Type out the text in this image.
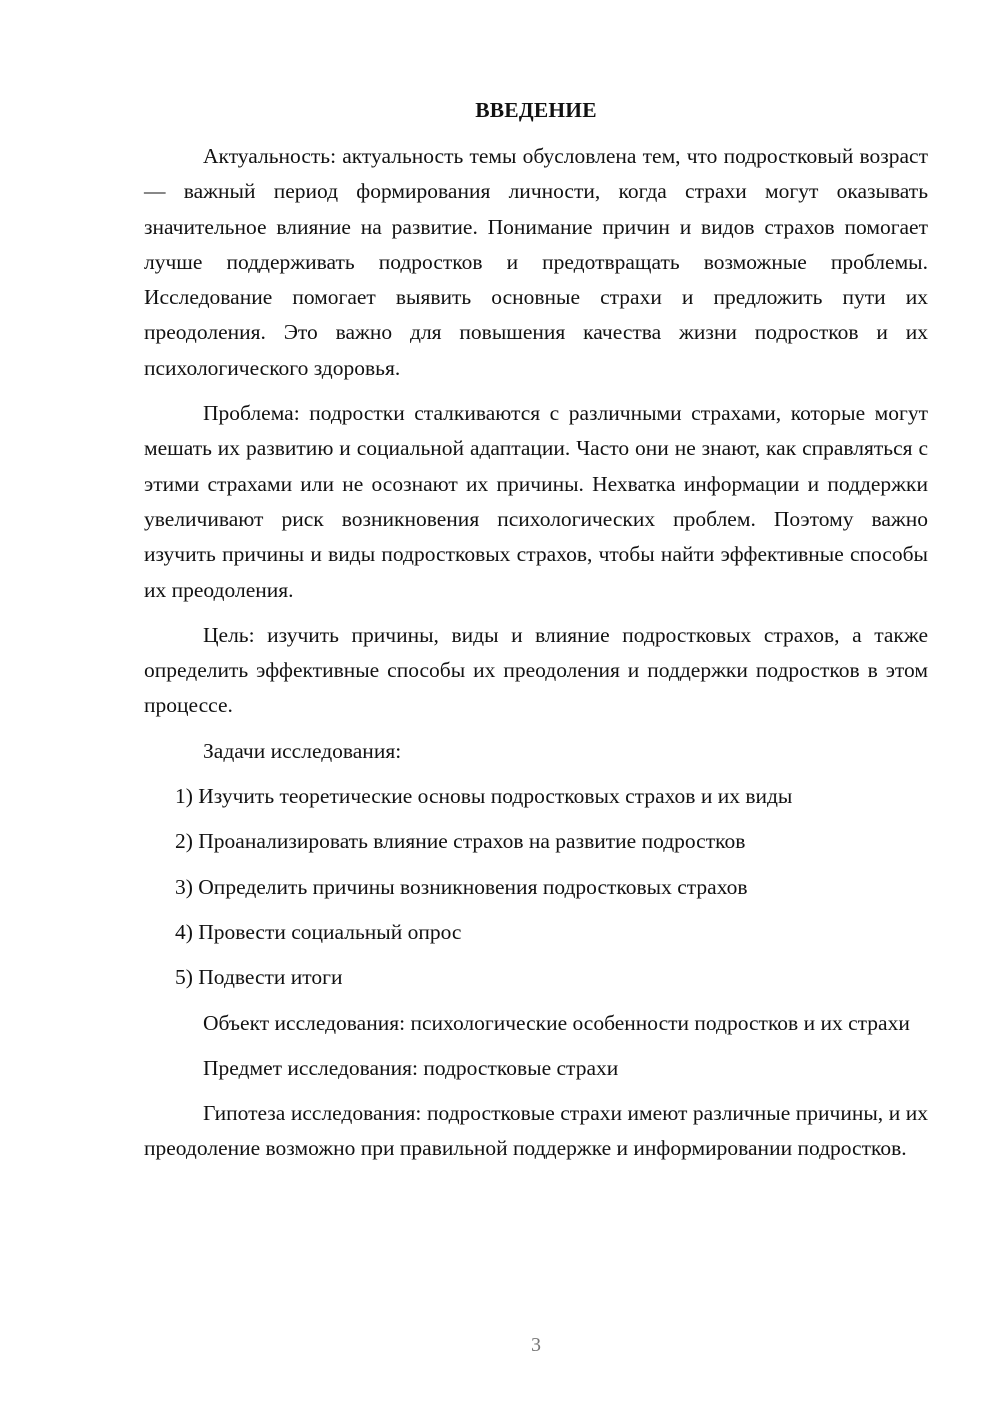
ВВЕДЕНИЕ

Актуальность: актуальность темы обусловлена тем, что подростковый возраст — важный период формирования личности, когда страхи могут оказывать значительное влияние на развитие. Понимание причин и видов страхов помогает лучше поддерживать подростков и предотвращать возможные проблемы. Исследование помогает выявить основные страхи и предложить пути их преодоления. Это важно для повышения качества жизни подростков и их психологического здоровья.

Проблема: подростки сталкиваются с различными страхами, которые могут мешать их развитию и социальной адаптации. Часто они не знают, как справляться с этими страхами или не осознают их причины. Нехватка информации и поддержки увеличивают риск возникновения психологических проблем. Поэтому важно изучить причины и виды подростковых страхов, чтобы найти эффективные способы их преодоления.

Цель: изучить причины, виды и влияние подростковых страхов, а также определить эффективные способы их преодоления и поддержки подростков в этом процессе.

Задачи исследования:

1) Изучить теоретические основы подростковых страхов и их виды
2) Проанализировать влияние страхов на развитие подростков
3) Определить причины возникновения подростковых страхов
4) Провести социальный опрос
5) Подвести итоги

Объект исследования: психологические особенности подростков и их страхи

Предмет исследования: подростковые страхи

Гипотеза исследования: подростковые страхи имеют различные причины, и их преодоление возможно при правильной поддержке и информировании подростков.

3
